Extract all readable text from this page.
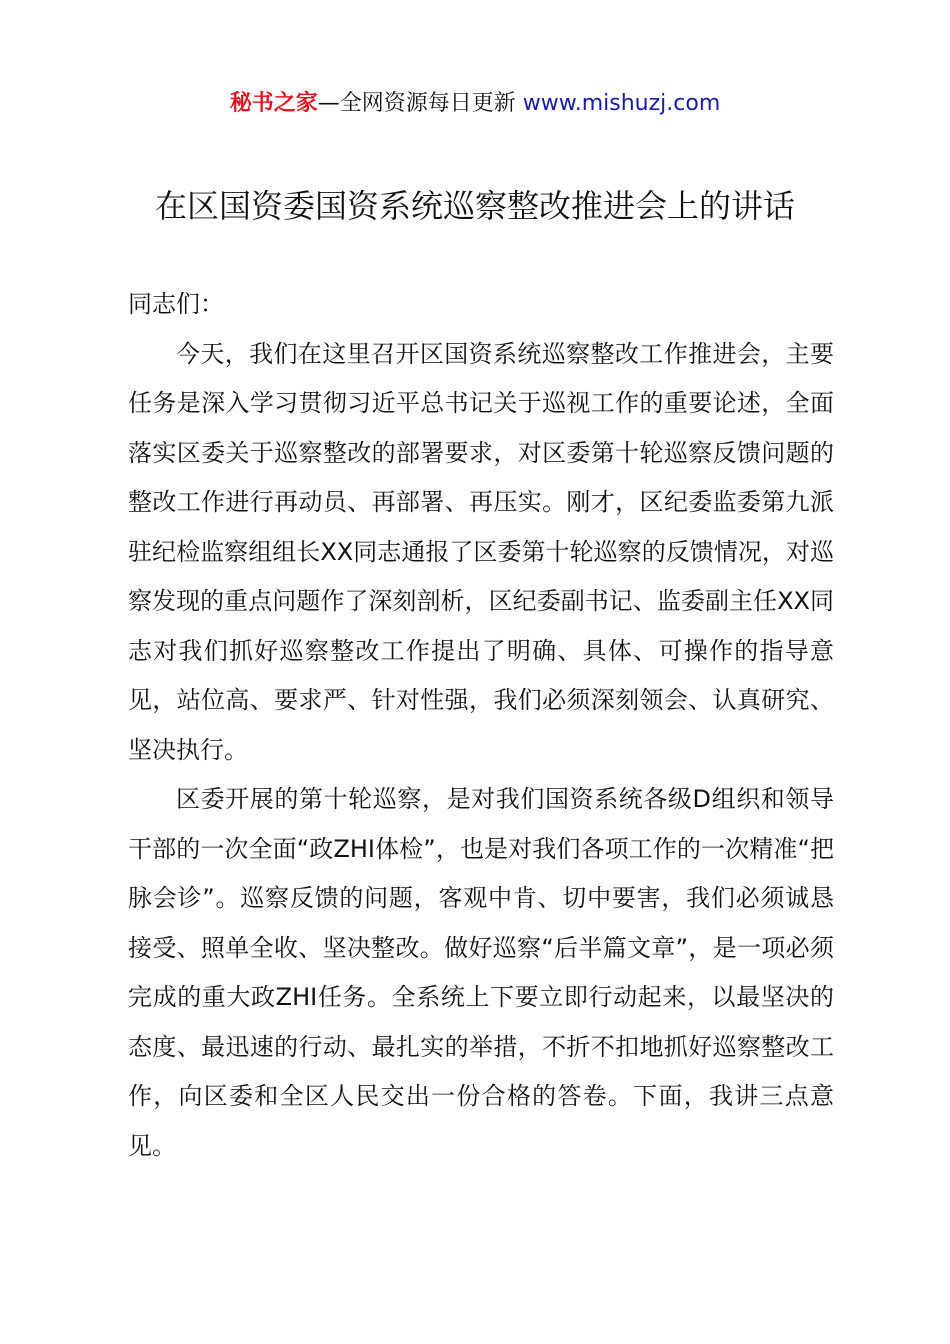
秘书之家—全网资源每日更新 www.mishuzj.com
在区国资委国资系统巡察整改推进会上的讲话

同志们：

今天，我们在这里召开区国资系统巡察整改工作推进会，主要任务是深入学习贯彻习近平总书记关于巡视工作的重要论述，全面落实区委关于巡察整改的部署要求，对区委第十轮巡察反馈问题的整改工作进行再动员、再部署、再压实。刚才，区纪委监委第九派驻纪检监察组组长XX同志通报了区委第十轮巡察的反馈情况，对巡察发现的重点问题作了深刻剖析，区纪委副书记、监委副主任XX同志对我们抓好巡察整改工作提出了明确、具体、可操作的指导意见，站位高、要求严、针对性强，我们必须深刻领会、认真研究、坚决执行。

区委开展的第十轮巡察，是对我们国资系统各级D组织和领导干部的一次全面“政ZHI体检”，也是对我们各项工作的一次精准“把脉会诊”。巡察反馈的问题，客观中肯、切中要害，我们必须诚恳接受、照单全收、坚决整改。做好巡察“后半篇文章”，是一项必须完成的重大政ZHI任务。全系统上下要立即行动起来，以最坚决的态度、最迅速的行动、最扎实的举措，不折不扣地抓好巡察整改工作，向区委和全区人民交出一份合格的答卷。下面，我讲三点意见。
